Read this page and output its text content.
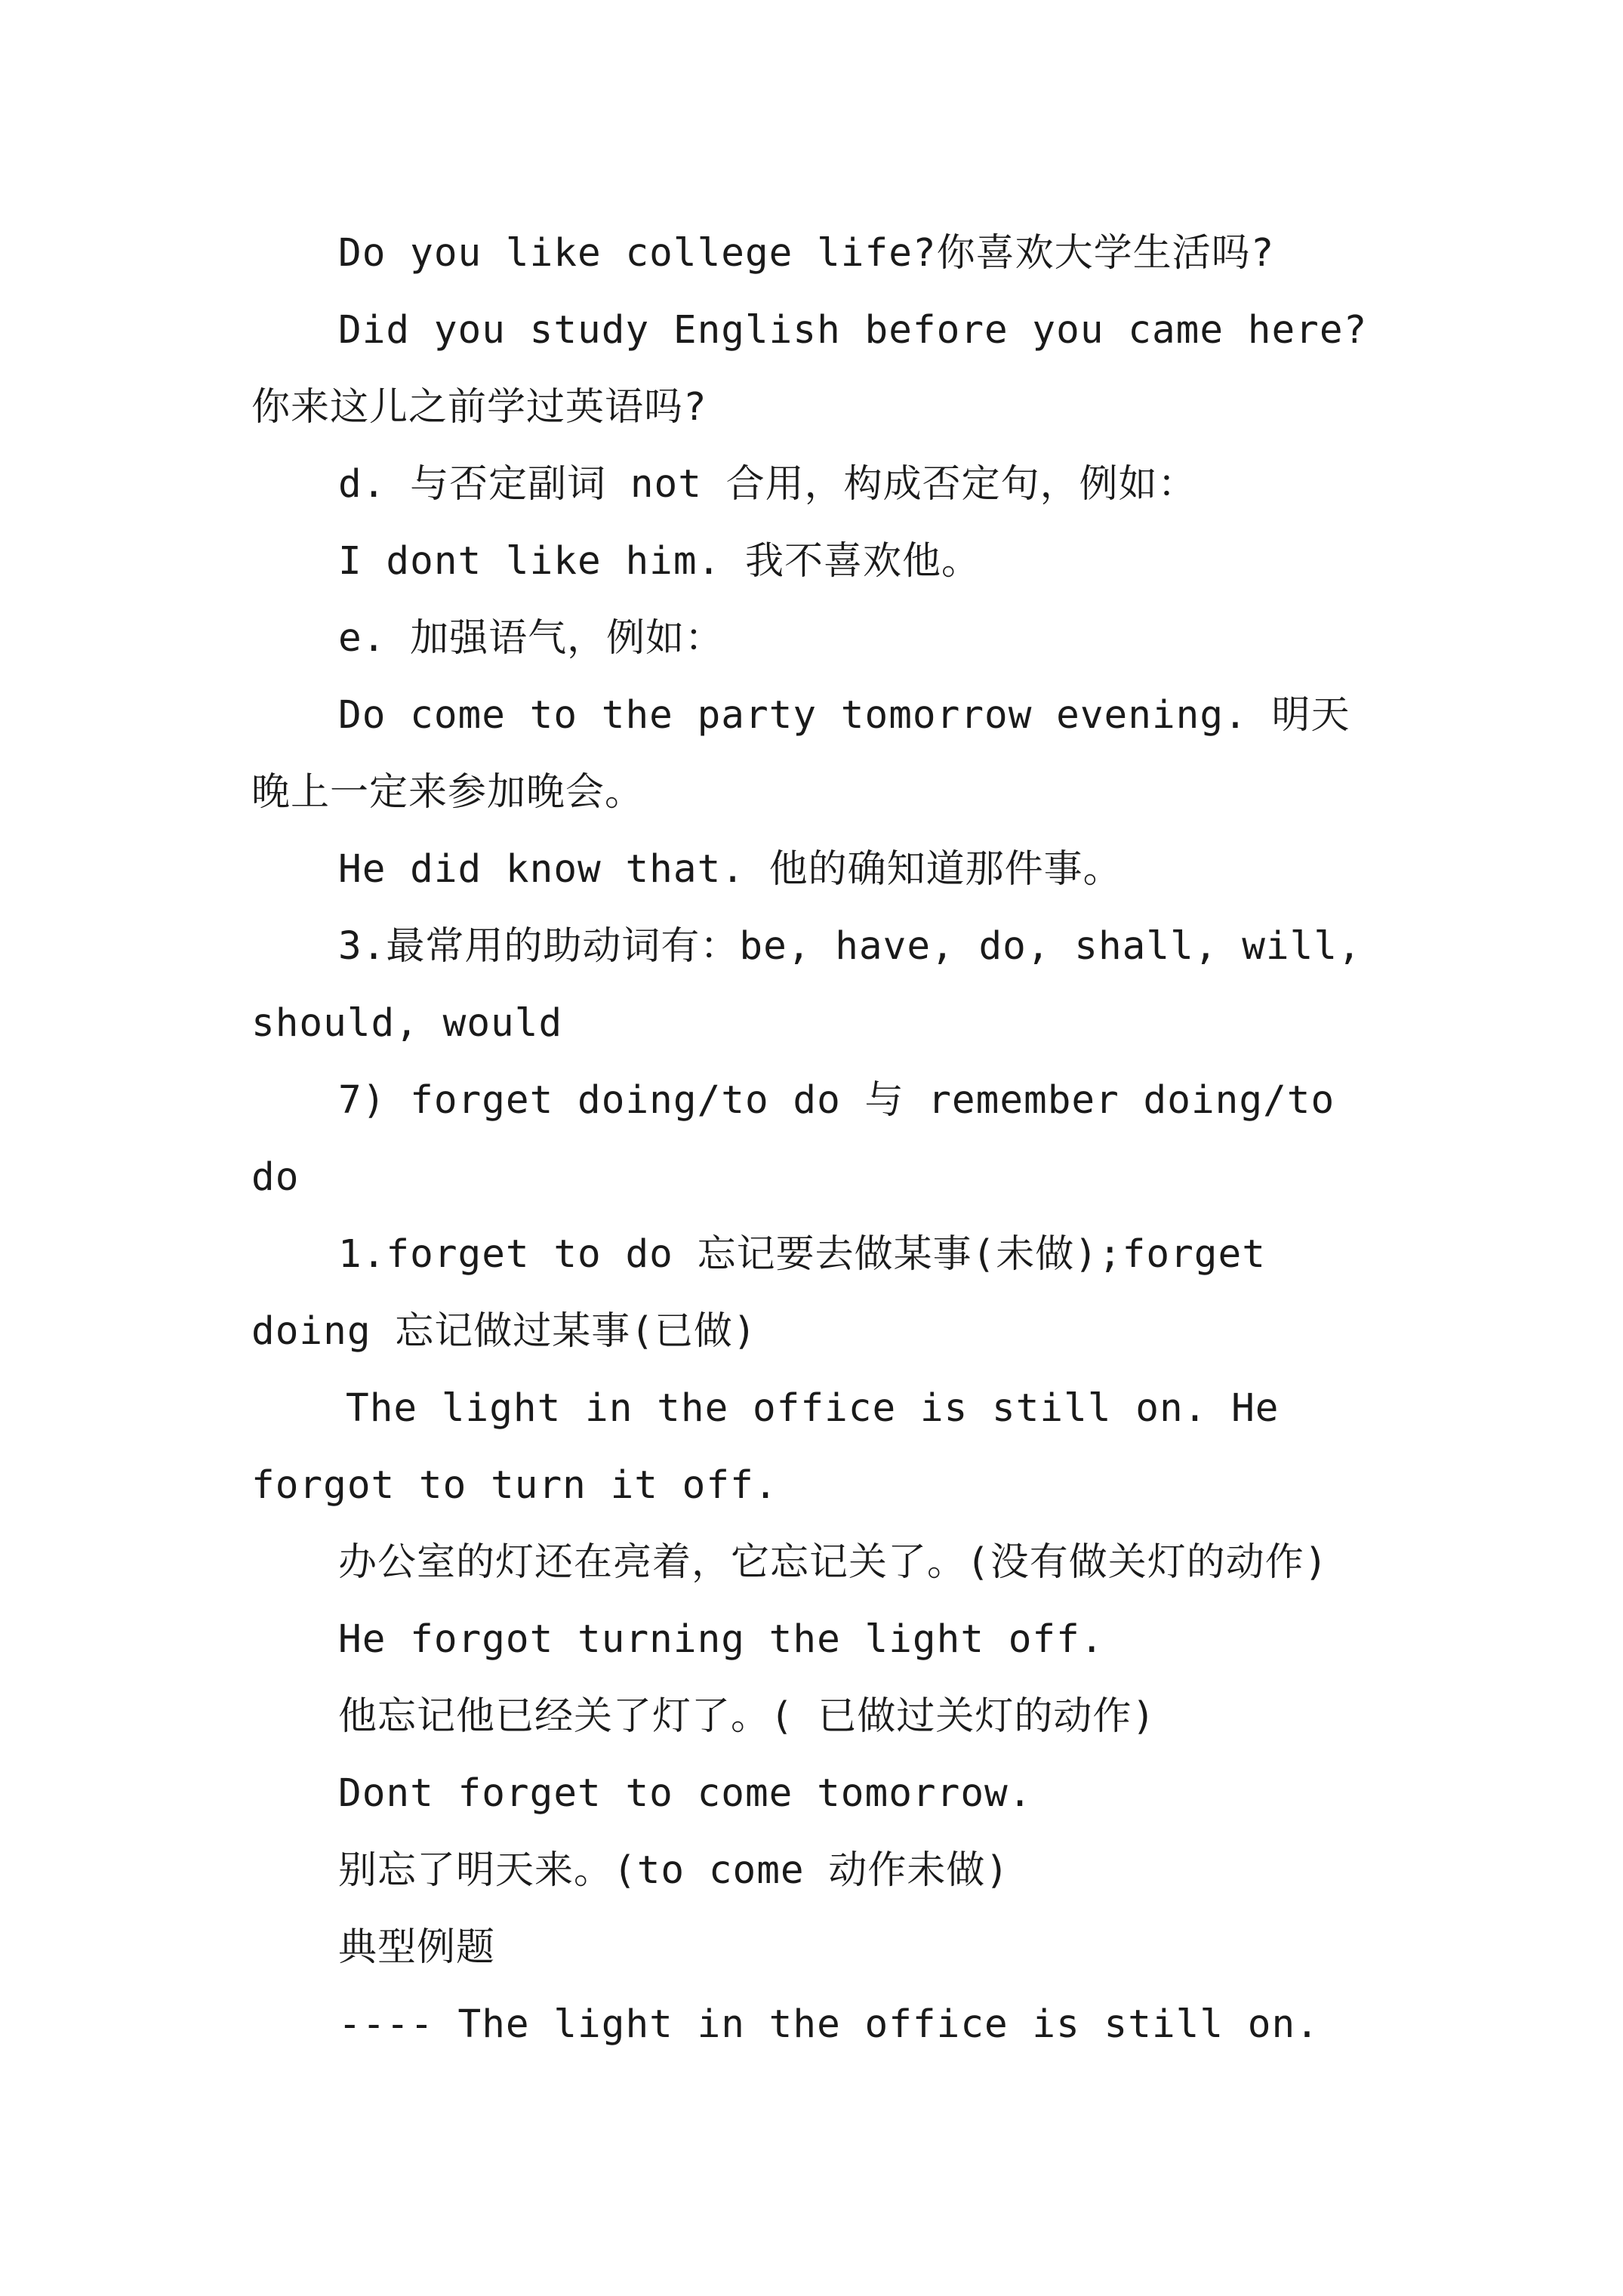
Do you like college life?你喜欢大学生活吗?

Did you study English before you came here?你来这儿之前学过英语吗?

d. 与否定副词 not 合用，构成否定句，例如：

I dont like him. 我不喜欢他。

e. 加强语气，例如：

Do come to the party tomorrow evening. 明天晚上一定来参加晚会。

He did know that. 他的确知道那件事。

3.最常用的助动词有：be, have, do, shall, will, should, would

7) forget doing/to do 与 remember doing/to do

1.forget to do 忘记要去做某事(未做);forget doing 忘记做过某事(已做)

The light in the office is still on. He forgot to turn it off.

办公室的灯还在亮着，它忘记关了。(没有做关灯的动作)

He forgot turning the light off.

他忘记他已经关了灯了。( 已做过关灯的动作)

Dont forget to come tomorrow.

别忘了明天来。(to come 动作未做)

典型例题

---- The light in the office is still on.
